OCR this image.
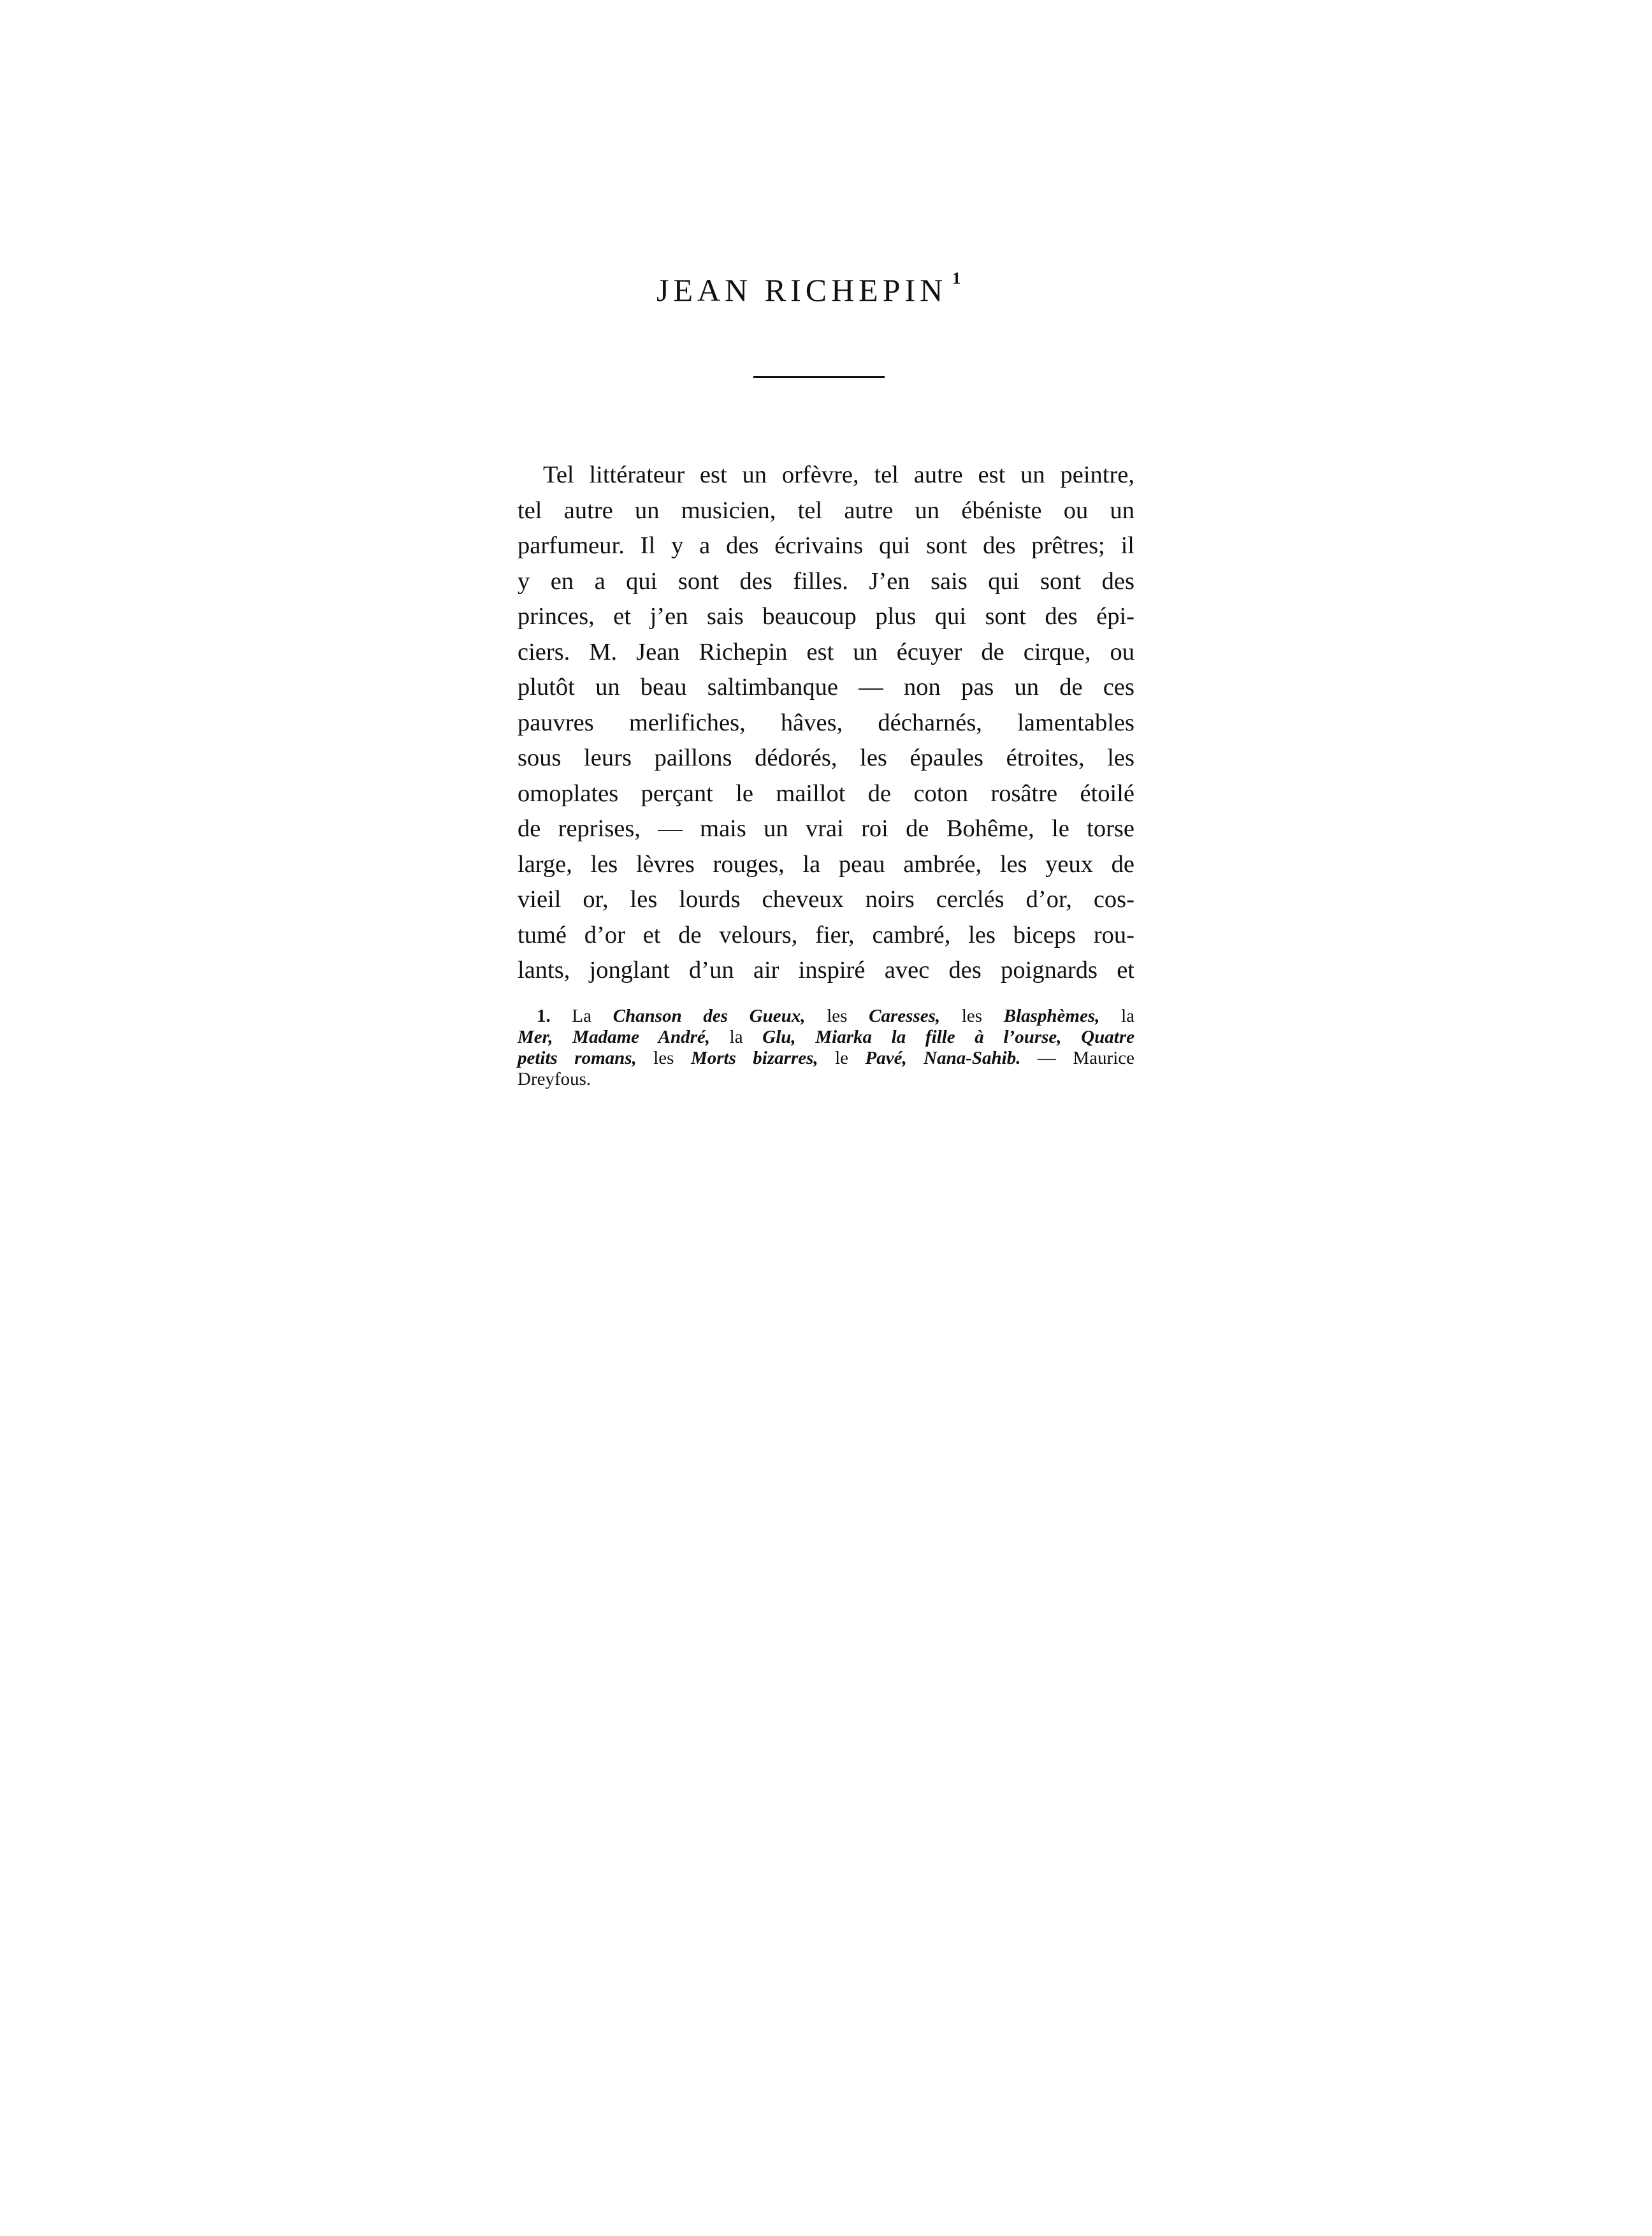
JEAN RICHEPIN $^1$
Tel littérateur est un orfèvre, tel autre est un peintre,
tel autre un musicien, tel autre un ébéniste ou un
parfumeur. Il y a des écrivains qui sont des prêtres; il
y en a qui sont des filles. J’en sais qui sont des
princes, et j’en sais beaucoup plus qui sont des épi-
ciers. M. Jean Richepin est un écuyer de cirque, ou
plutôt un beau saltimbanque — non pas un de ces
pauvres merlifiches, hâves, décharnés, lamentables
sous leurs paillons dédorés, les épaules étroites, les
omoplates perçant le maillot de coton rosâtre étoilé
de reprises, — mais un vrai roi de Bohême, le torse
large, les lèvres rouges, la peau ambrée, les yeux de
vieil or, les lourds cheveux noirs cerclés d’or, cos-
tumé d’or et de velours, fier, cambré, les biceps rou-
lants, jonglant d’un air inspiré avec des poignards et
1. La Chanson des Gueux, les Caresses, les Blasphèmes, la
Mer, Madame André, la Glu, Miarka la fille à l’ourse, Quatre
petits romans, les Morts bizarres, le Pavé, Nana-Sahib. — Maurice
Dreyfous.
